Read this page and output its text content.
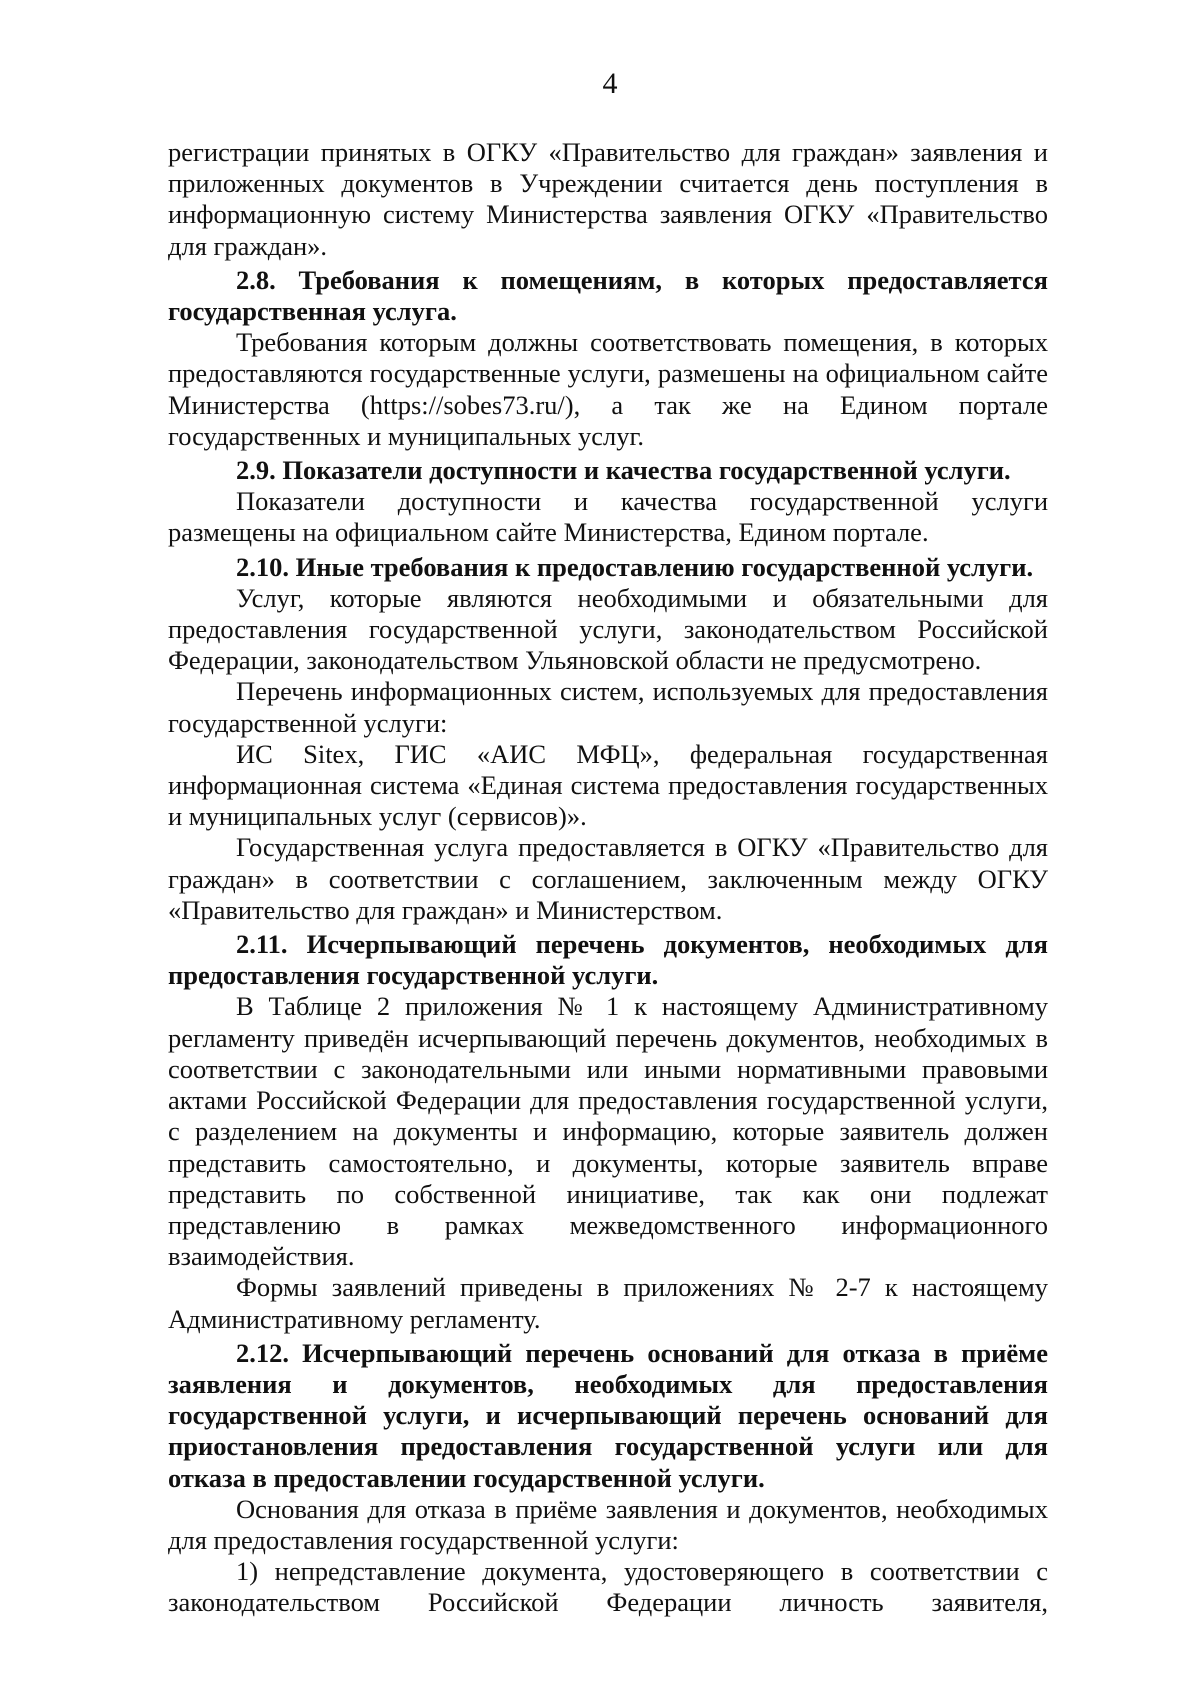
4

регистрации принятых в ОГКУ «Правительство для граждан» заявления и приложенных документов в Учреждении считается день поступления в информационную систему Министерства заявления ОГКУ «Правительство для граждан».

2.8. Требования к помещениям, в которых предоставляется государственная услуга.

Требования которым должны соответствовать помещения, в которых предоставляются государственные услуги, размешены на официальном сайте Министерства (https://sobes73.ru/), а так же на Едином портале государственных и муниципальных услуг.

2.9. Показатели доступности и качества государственной услуги.

Показатели доступности и качества государственной услуги размещены на официальном сайте Министерства, Едином портале.

2.10. Иные требования к предоставлению государственной услуги.

Услуг, которые являются необходимыми и обязательными для предоставления государственной услуги, законодательством Российской Федерации, законодательством Ульяновской области не предусмотрено.

Перечень информационных систем, используемых для предоставления государственной услуги:

ИС Sitex, ГИС «АИС МФЦ», федеральная государственная информационная система «Единая система предоставления государственных и муниципальных услуг (сервисов)».

Государственная услуга предоставляется в ОГКУ «Правительство для граждан» в соответствии с соглашением, заключенным между ОГКУ «Правительство для граждан» и Министерством.

2.11. Исчерпывающий перечень документов, необходимых для предоставления государственной услуги.

В Таблице 2 приложения № 1 к настоящему Административному регламенту приведён исчерпывающий перечень документов, необходимых в соответствии с законодательными или иными нормативными правовыми актами Российской Федерации для предоставления государственной услуги, с разделением на документы и информацию, которые заявитель должен представить самостоятельно, и документы, которые заявитель вправе представить по собственной инициативе, так как они подлежат представлению в рамках межведомственного информационного взаимодействия.

Формы заявлений приведены в приложениях № 2-7 к настоящему Административному регламенту.

2.12. Исчерпывающий перечень оснований для отказа в приёме заявления и документов, необходимых для предоставления государственной услуги, и исчерпывающий перечень оснований для приостановления предоставления государственной услуги или для отказа в предоставлении государственной услуги.

Основания для отказа в приёме заявления и документов, необходимых для предоставления государственной услуги:

1) непредставление документа, удостоверяющего в соответствии с законодательством Российской Федерации личность заявителя,
